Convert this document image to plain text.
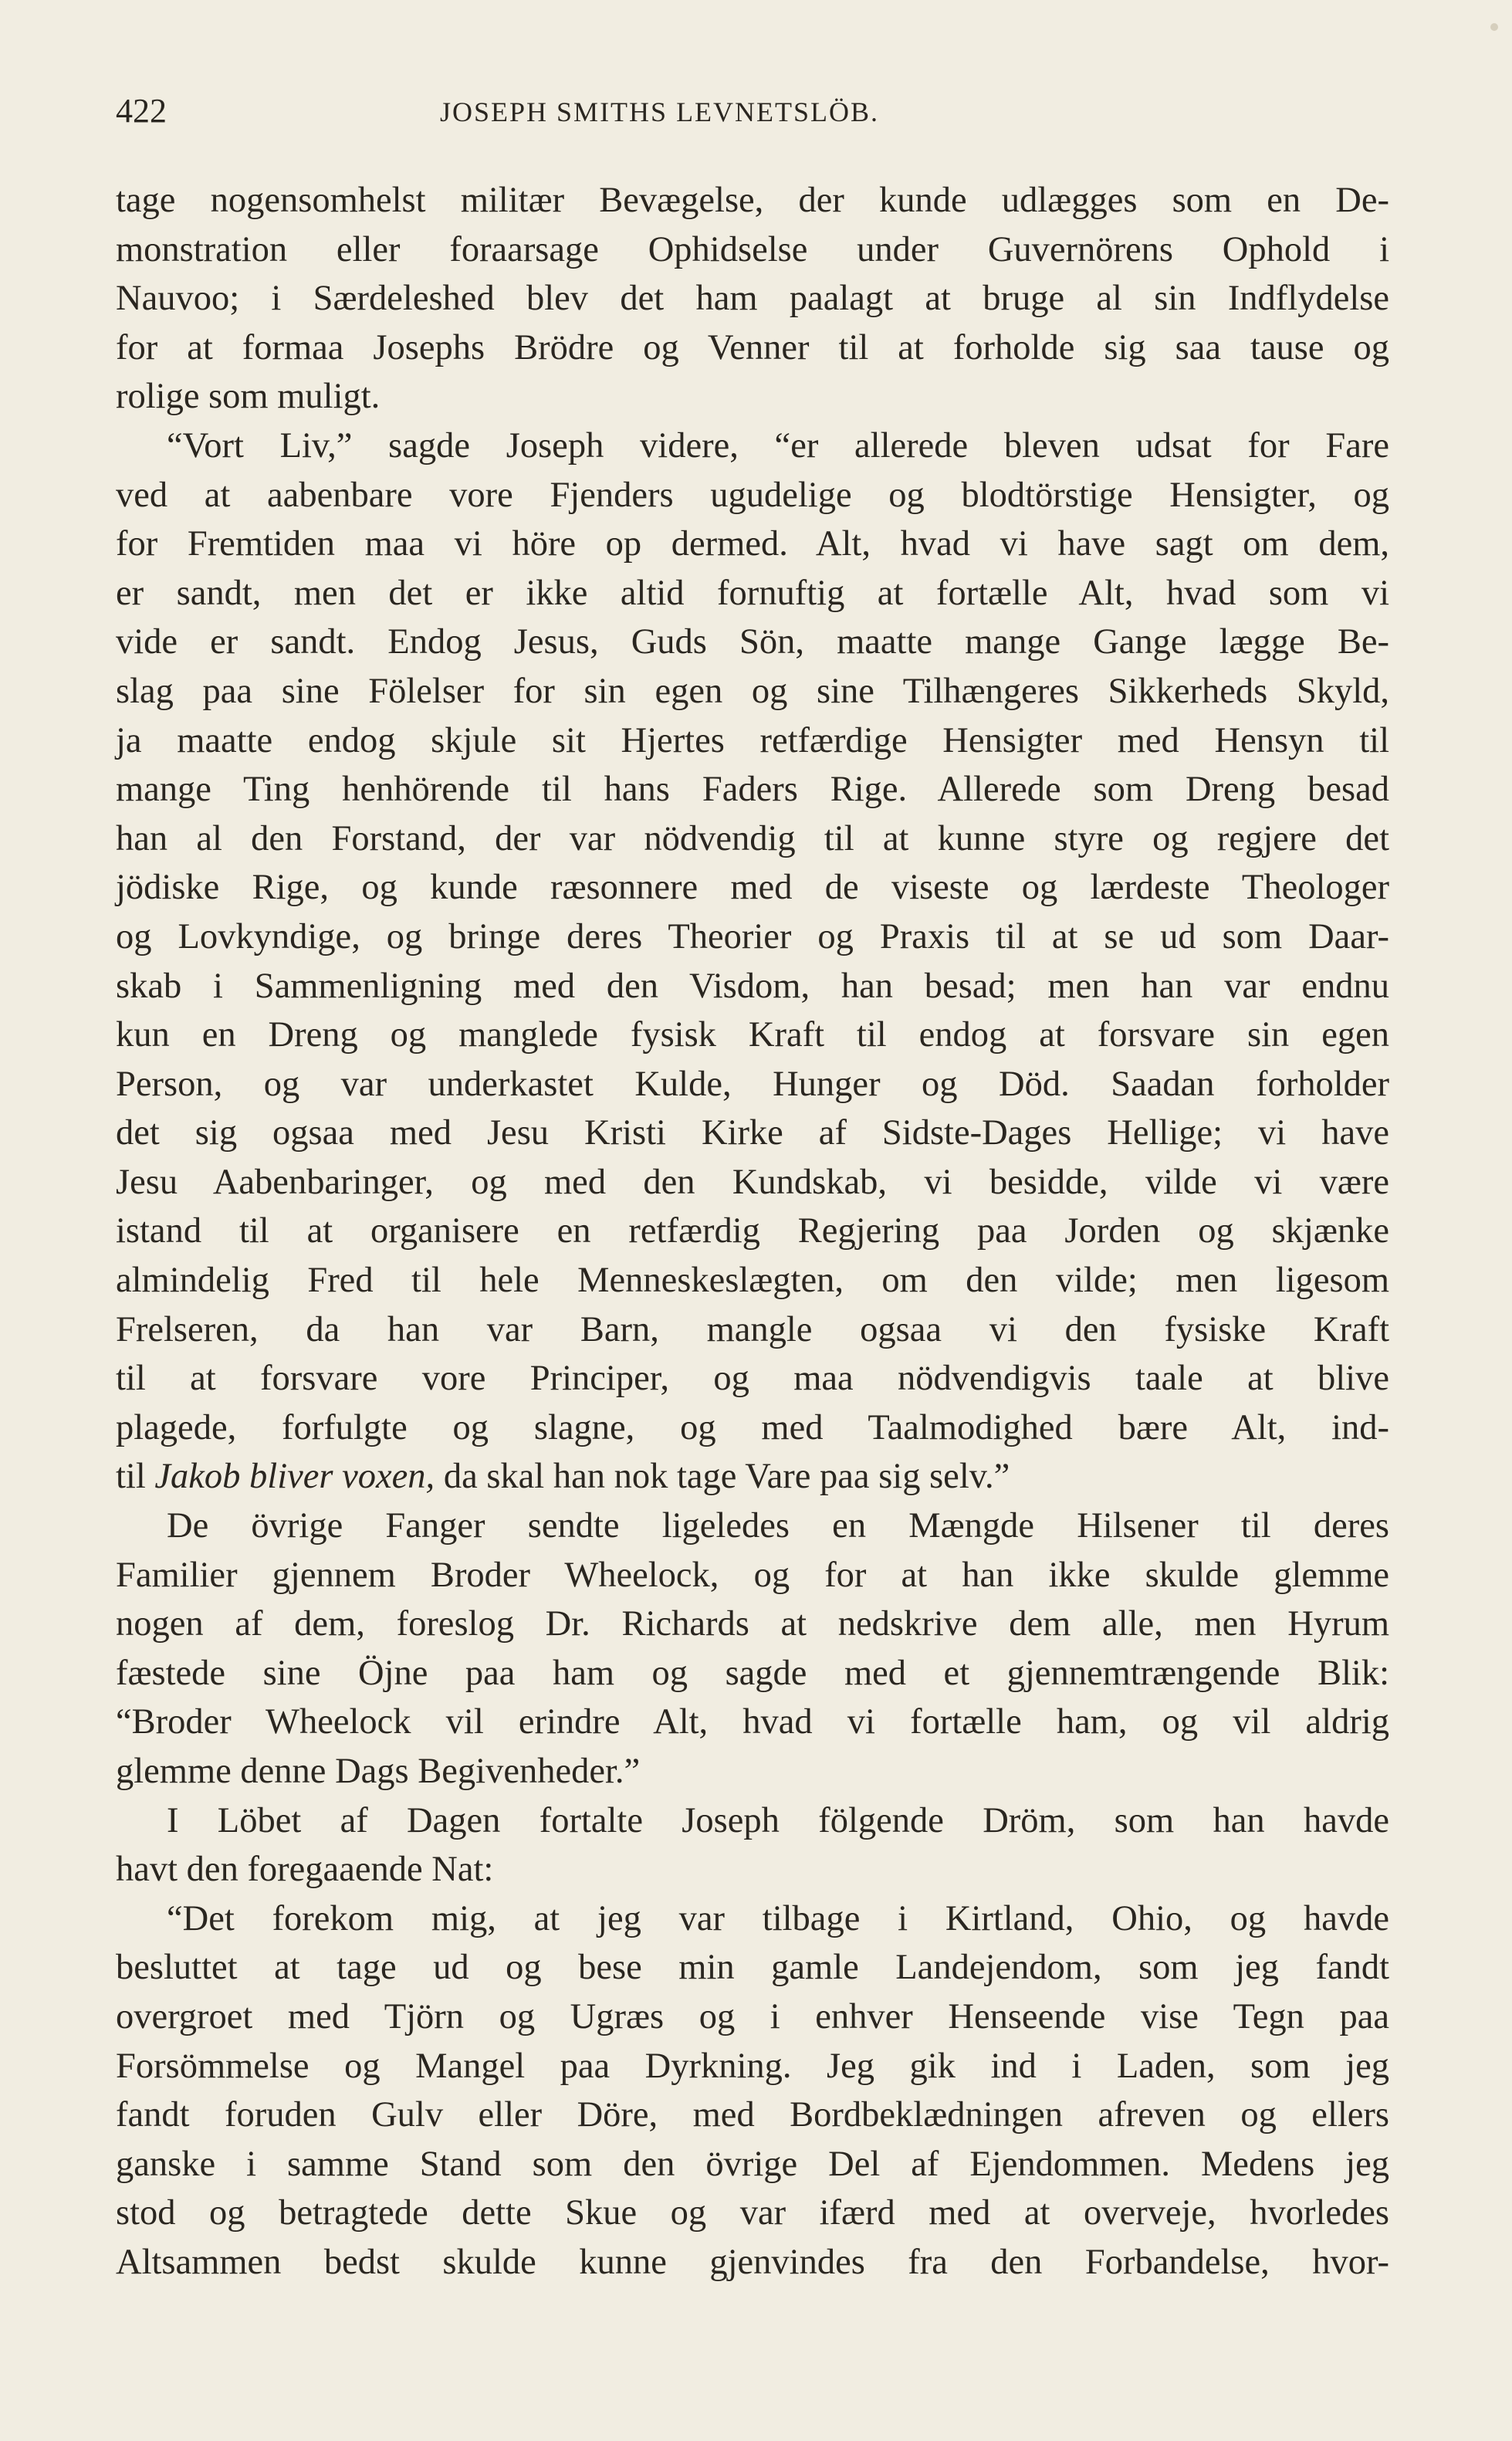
422	JOSEPH SMITHS LEVNETSLÖB.
tage nogensomhelst militær Bevægelse, der kunde udlægges som en De-
monstration eller foraarsage Ophidselse under Guvernörens Ophold i
Nauvoo; i Særdeleshed blev det ham paalagt at bruge al sin Indflydelse
for at formaa Josephs Brödre og Venner til at forholde sig saa tause og
rolige som muligt.
“Vort Liv,” sagde Joseph videre, “er allerede bleven udsat for Fare
ved at aabenbare vore Fjenders ugudelige og blodtörstige Hensigter, og
for Fremtiden maa vi höre op dermed. Alt, hvad vi have sagt om dem,
er sandt, men det er ikke altid fornuftig at fortælle Alt, hvad som vi
vide er sandt. Endog Jesus, Guds Sön, maatte mange Gange lægge Be-
slag paa sine Fölelser for sin egen og sine Tilhængeres Sikkerheds Skyld,
ja maatte endog skjule sit Hjertes retfærdige Hensigter med Hensyn til
mange Ting henhörende til hans Faders Rige. Allerede som Dreng besad
han al den Forstand, der var nödvendig til at kunne styre og regjere det
jödiske Rige, og kunde ræsonnere med de viseste og lærdeste Theologer
og Lovkyndige, og bringe deres Theorier og Praxis til at se ud som Daar-
skab i Sammenligning med den Visdom, han besad; men han var endnu
kun en Dreng og manglede fysisk Kraft til endog at forsvare sin egen
Person, og var underkastet Kulde, Hunger og Död. Saadan forholder
det sig ogsaa med Jesu Kristi Kirke af Sidste-Dages Hellige; vi have
Jesu Aabenbaringer, og med den Kundskab, vi besidde, vilde vi være
istand til at organisere en retfærdig Regjering paa Jorden og skjænke
almindelig Fred til hele Menneskeslægten, om den vilde; men ligesom
Frelseren, da han var Barn, mangle ogsaa vi den fysiske Kraft
til at forsvare vore Principer, og maa nödvendigvis taale at blive
plagede, forfulgte og slagne, og med Taalmodighed bære Alt, ind-
til Jakob bliver voxen, da skal han nok tage Vare paa sig selv.”
De övrige Fanger sendte ligeledes en Mængde Hilsener til deres
Familier gjennem Broder Wheelock, og for at han ikke skulde glemme
nogen af dem, foreslog Dr. Richards at nedskrive dem alle, men Hyrum
fæstede sine Öjne paa ham og sagde med et gjennemtrængende Blik:
“Broder Wheelock vil erindre Alt, hvad vi fortælle ham, og vil aldrig
glemme denne Dags Begivenheder.”
I Löbet af Dagen fortalte Joseph fölgende Dröm, som han havde
havt den foregaaende Nat:
“Det forekom mig, at jeg var tilbage i Kirtland, Ohio, og havde
besluttet at tage ud og bese min gamle Landejendom, som jeg fandt
overgroet med Tjörn og Ugræs og i enhver Henseende vise Tegn paa
Forsömmelse og Mangel paa Dyrkning. Jeg gik ind i Laden, som jeg
fandt foruden Gulv eller Döre, med Bordbeklædningen afreven og ellers
ganske i samme Stand som den övrige Del af Ejendommen. Medens jeg
stod og betragtede dette Skue og var ifærd med at overveje, hvorledes
Altsammen bedst skulde kunne gjenvindes fra den Forbandelse, hvor-
